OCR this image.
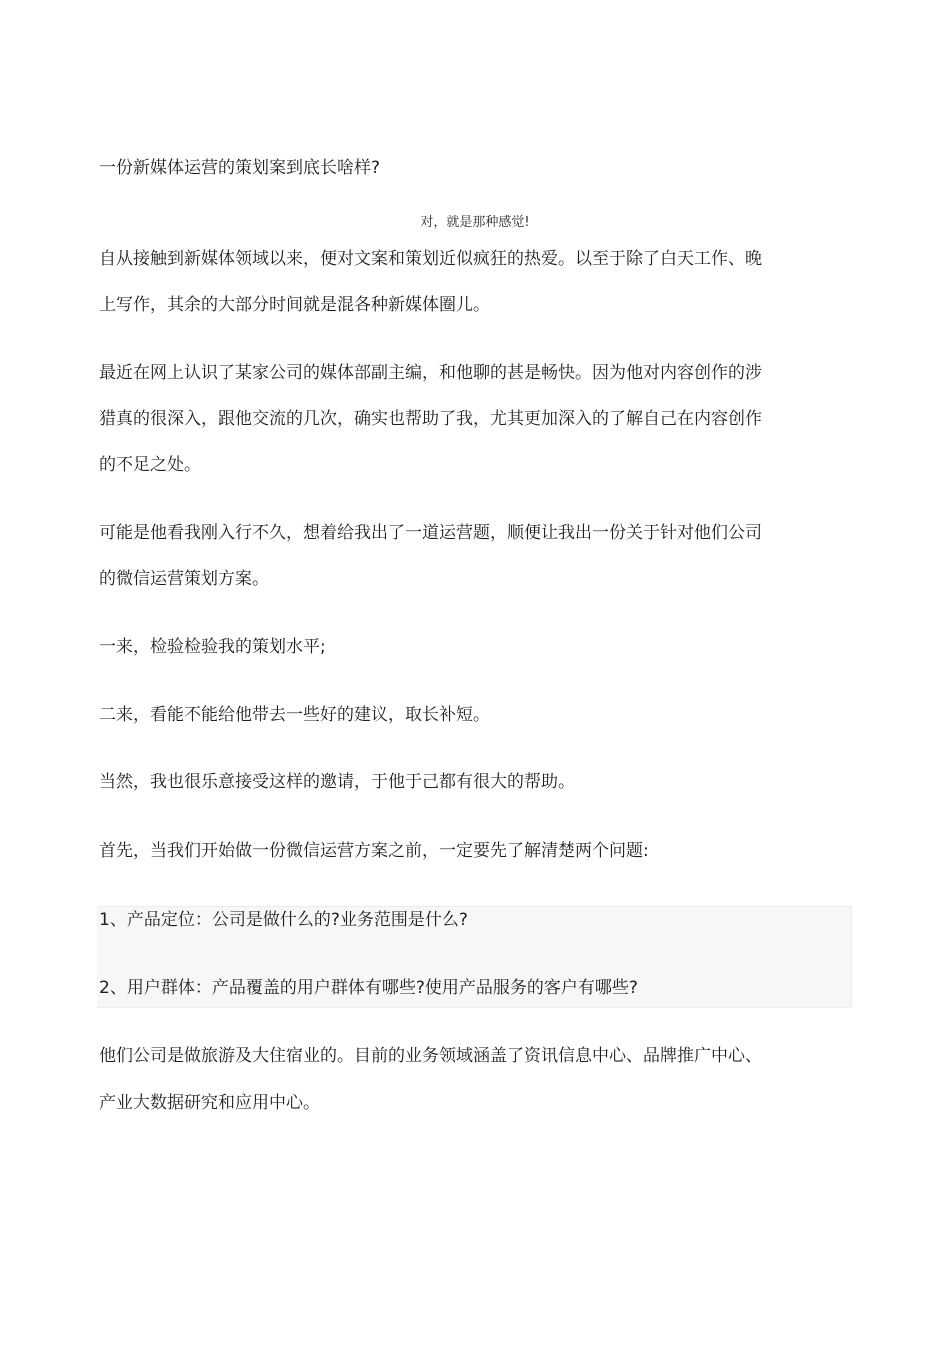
一份新媒体运营的策划案到底长啥样?
对，就是那种感觉!
自从接触到新媒体领域以来，便对文案和策划近似疯狂的热爱。以至于除了白天工作、晚
上写作，其余的大部分时间就是混各种新媒体圈儿。
最近在网上认识了某家公司的媒体部副主编，和他聊的甚是畅快。因为他对内容创作的涉
猎真的很深入，跟他交流的几次，确实也帮助了我，尤其更加深入的了解自己在内容创作
的不足之处。
可能是他看我刚入行不久，想着给我出了一道运营题，顺便让我出一份关于针对他们公司
的微信运营策划方案。
一来，检验检验我的策划水平;
二来，看能不能给他带去一些好的建议，取长补短。
当然，我也很乐意接受这样的邀请，于他于己都有很大的帮助。
首先，当我们开始做一份微信运营方案之前，一定要先了解清楚两个问题:
1、产品定位：公司是做什么的?业务范围是什么?
2、用户群体：产品覆盖的用户群体有哪些?使用产品服务的客户有哪些?
他们公司是做旅游及大住宿业的。目前的业务领域涵盖了资讯信息中心、品牌推广中心、
产业大数据研究和应用中心。
